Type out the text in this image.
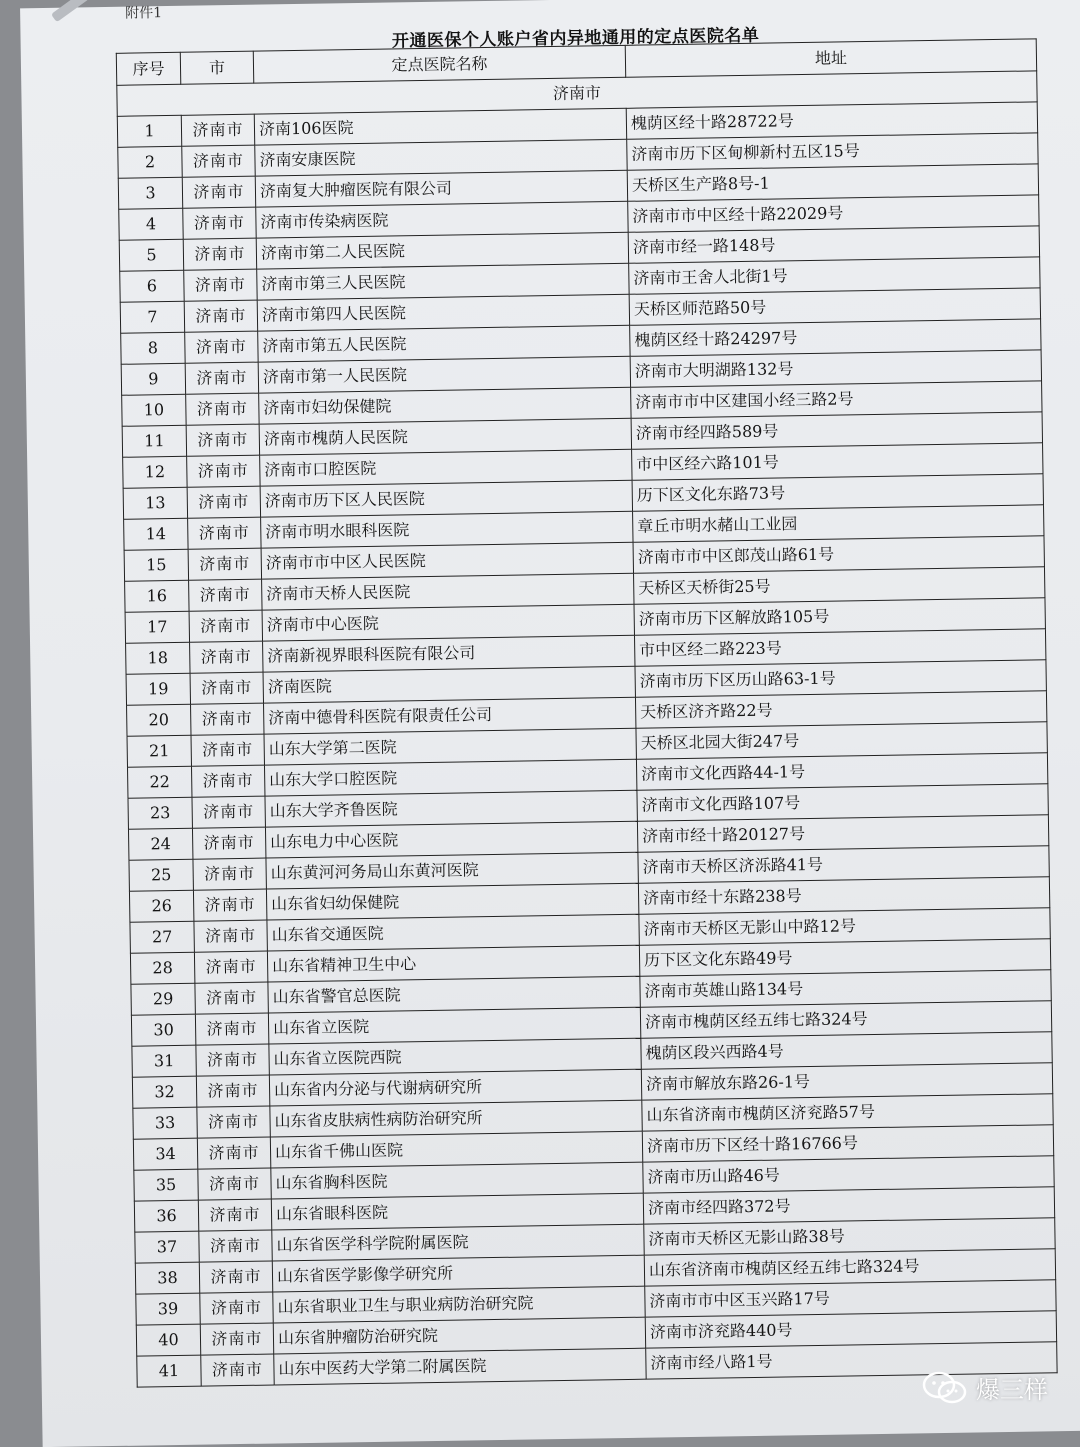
附件1
开通医保个人账户省内异地通用的定点医院名单
序号	市	定点医院名称	地址
济南市			
1	济南市	济南106医院	槐荫区经十路28722号
2	济南市	济南安康医院	济南市历下区甸柳新村五区15号
3	济南市	济南复大肿瘤医院有限公司	天桥区生产路8号-1
4	济南市	济南市传染病医院	济南市市中区经十路22029号
5	济南市	济南市第二人民医院	济南市经一路148号
6	济南市	济南市第三人民医院	济南市王舍人北街1号
7	济南市	济南市第四人民医院	天桥区师范路50号
8	济南市	济南市第五人民医院	槐荫区经十路24297号
9	济南市	济南市第一人民医院	济南市大明湖路132号
10	济南市	济南市妇幼保健院	济南市市中区建国小经三路2号
11	济南市	济南市槐荫人民医院	济南市经四路589号
12	济南市	济南市口腔医院	市中区经六路101号
13	济南市	济南市历下区人民医院	历下区文化东路73号
14	济南市	济南市明水眼科医院	章丘市明水赭山工业园
15	济南市	济南市市中区人民医院	济南市市中区郎茂山路61号
16	济南市	济南市天桥人民医院	天桥区天桥街25号
17	济南市	济南市中心医院	济南市历下区解放路105号
18	济南市	济南新视界眼科医院有限公司	市中区经二路223号
19	济南市	济南医院	济南市历下区历山路63-1号
20	济南市	济南中德骨科医院有限责任公司	天桥区济齐路22号
21	济南市	山东大学第二医院	天桥区北园大街247号
22	济南市	山东大学口腔医院	济南市文化西路44-1号
23	济南市	山东大学齐鲁医院	济南市文化西路107号
24	济南市	山东电力中心医院	济南市经十路20127号
25	济南市	山东黄河河务局山东黄河医院	济南市天桥区济泺路41号
26	济南市	山东省妇幼保健院	济南市经十东路238号
27	济南市	山东省交通医院	济南市天桥区无影山中路12号
28	济南市	山东省精神卫生中心	历下区文化东路49号
29	济南市	山东省警官总医院	济南市英雄山路134号
30	济南市	山东省立医院	济南市槐荫区经五纬七路324号
31	济南市	山东省立医院西院	槐荫区段兴西路4号
32	济南市	山东省内分泌与代谢病研究所	济南市解放东路26-1号
33	济南市	山东省皮肤病性病防治研究所	山东省济南市槐荫区济兖路57号
34	济南市	山东省千佛山医院	济南市历下区经十路16766号
35	济南市	山东省胸科医院	济南市历山路46号
36	济南市	山东省眼科医院	济南市经四路372号
37	济南市	山东省医学科学院附属医院	济南市天桥区无影山路38号
38	济南市	山东省医学影像学研究所	山东省济南市槐荫区经五纬七路324号
39	济南市	山东省职业卫生与职业病防治研究院	济南市市中区玉兴路17号
40	济南市	山东省肿瘤防治研究院	济南市济兖路440号
41	济南市	山东中医药大学第二附属医院	济南市经八路1号
爆三样
